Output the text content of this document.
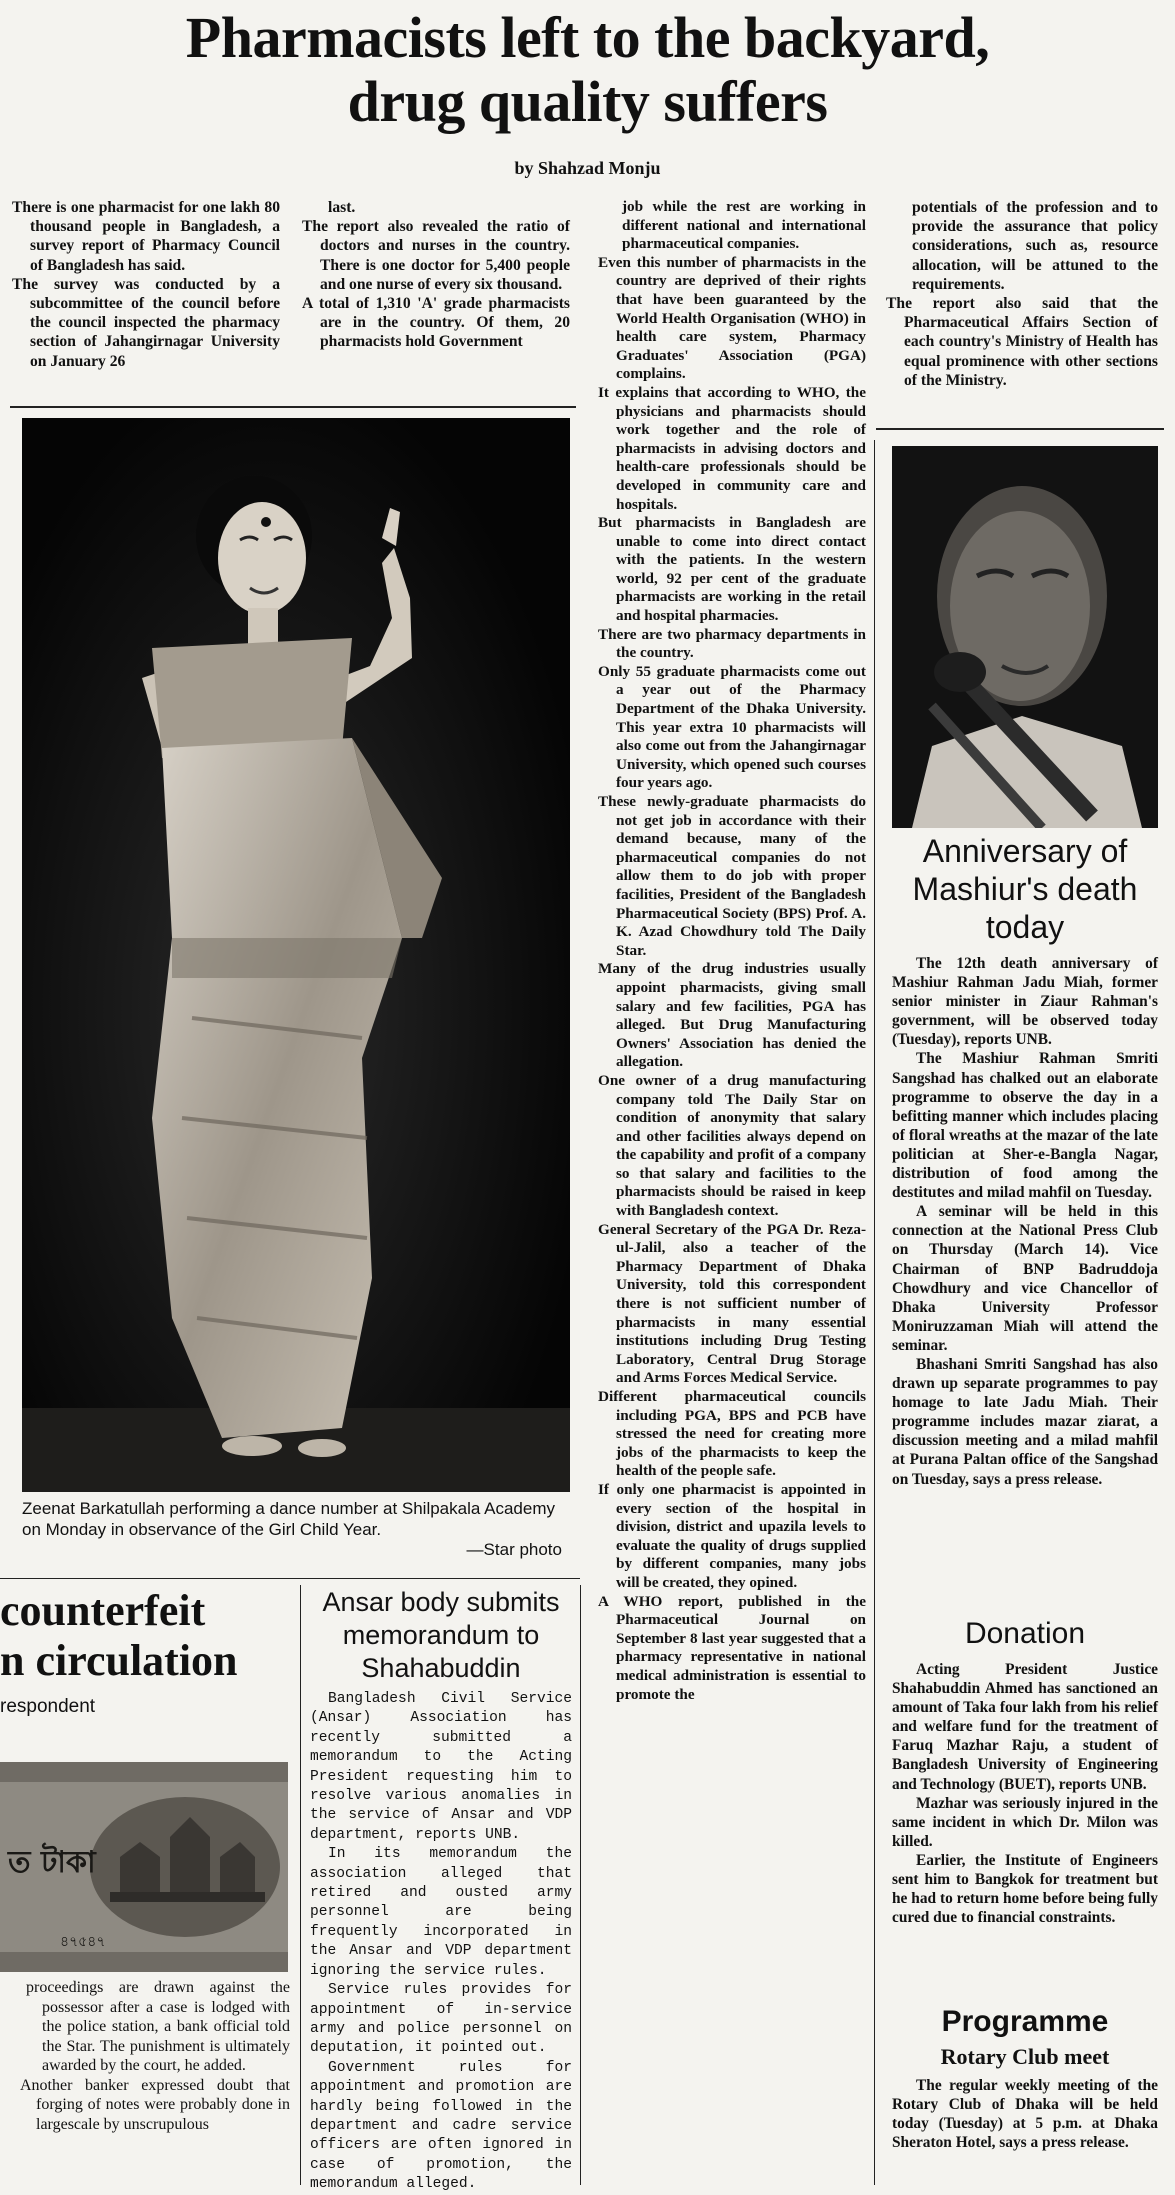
Pharmacists left to the backyard,
drug quality suffers
by Shahzad Monju

There is one pharmacist for one lakh 80 thousand people in Bangladesh, a survey report of Pharmacy Council of Bangladesh has said.

The survey was conducted by a subcommittee of the council before the council inspected the pharmacy section of Jahangirnagar University on January 26

last.

The report also revealed the ratio of doctors and nurses in the country. There is one doctor for 5,400 people and one nurse of every six thousand.

A total of 1,310 'A' grade pharmacists are in the country. Of them, 20 pharmacists hold Government

job while the rest are working in different national and international pharmaceutical companies.

Even this number of pharmacists in the country are deprived of their rights that have been guaranteed by the World Health Organisation (WHO) in health care system, Pharmacy Graduates' Association (PGA) complains.

It explains that according to WHO, the physicians and pharmacists should work together and the role of pharmacists in advising doctors and health-care professionals should be developed in community care and hospitals.

But pharmacists in Bangladesh are unable to come into direct contact with the patients. In the western world, 92 per cent of the graduate pharmacists are working in the retail and hospital pharmacies.

There are two pharmacy departments in the country.

Only 55 graduate pharmacists come out a year out of the Pharmacy Department of the Dhaka University. This year extra 10 pharmacists will also come out from the Jahangirnagar University, which opened such courses four years ago.

These newly-graduate pharmacists do not get job in accordance with their demand because, many of the pharmaceutical companies do not allow them to do job with proper facilities, President of the Bangladesh Pharmaceutical Society (BPS) Prof. A. K. Azad Chowdhury told The Daily Star.

Many of the drug industries usually appoint pharmacists, giving small salary and few facilities, PGA has alleged. But Drug Manufacturing Owners' Association has denied the allegation.

One owner of a drug manufacturing company told The Daily Star on condition of anonymity that salary and other facilities always depend on the capability and profit of a company so that salary and facilities to the pharmacists should be raised in keep with Bangladesh context.

General Secretary of the PGA Dr. Reza-ul-Jalil, also a teacher of the Pharmacy Department of Dhaka University, told this correspondent there is not sufficient number of pharmacists in many essential institutions including Drug Testing Laboratory, Central Drug Storage and Arms Forces Medical Service.

Different pharmaceutical councils including PGA, BPS and PCB have stressed the need for creating more jobs of the pharmacists to keep the health of the people safe.

If only one pharmacist is appointed in every section of the hospital in division, district and upazila levels to evaluate the quality of drugs supplied by different companies, many jobs will be created, they opined.

A WHO report, published in the Pharmaceutical Journal on September 8 last year suggested that a pharmacy representative in national medical administration is essential to promote the

potentials of the profession and to provide the assurance that policy considerations, such as, resource allocation, will be attuned to the requirements.

The report also said that the Pharmaceutical Affairs Section of each country's Ministry of Health has equal prominence with other sections of the Ministry.

Zeenat Barkatullah performing a dance number at Shilpakala Academy on Monday in observance of the Girl Child Year.
—Star photo
counterfeit
n circulation
respondent
ত টাকা
৪৭৫৪৭

proceedings are drawn against the possessor after a case is lodged with the police station, a bank official told the Star. The punishment is ultimately awarded by the court, he added.

Another banker expressed doubt that forging of notes were probably done in largescale by unscrupulous

Ansar body submits memorandum to Shahabuddin

Bangladesh Civil Service (Ansar) Association has recently submitted a memorandum to the Acting President requesting him to resolve various anomalies in the service of Ansar and VDP department, reports UNB.

In its memorandum the association alleged that retired and ousted army personnel are being frequently incorporated in the Ansar and VDP department ignoring the service rules.

Service rules provides for appointment of in-service army and police personnel on deputation, it pointed out.

Government rules for appointment and promotion are hardly being followed in the department and cadre service officers are often ignored in case of promotion, the memorandum alleged.

Anniversary of Mashiur's death today

The 12th death anniversary of Mashiur Rahman Jadu Miah, former senior minister in Ziaur Rahman's government, will be observed today (Tuesday), reports UNB.

The Mashiur Rahman Smriti Sangshad has chalked out an elaborate programme to observe the day in a befitting manner which includes placing of floral wreaths at the mazar of the late politician at Sher-e-Bangla Nagar, distribution of food among the destitutes and milad mahfil on Tuesday.

A seminar will be held in this connection at the National Press Club on Thursday (March 14). Vice Chairman of BNP Badruddoja Chowdhury and vice Chancellor of Dhaka University Professor Moniruzzaman Miah will attend the seminar.

Bhashani Smriti Sangshad has also drawn up separate programmes to pay homage to late Jadu Miah. Their programme includes mazar ziarat, a discussion meeting and a milad mahfil at Purana Paltan office of the Sangshad on Tuesday, says a press release.

Donation

Acting President Justice Shahabuddin Ahmed has sanctioned an amount of Taka four lakh from his relief and welfare fund for the treatment of Faruq Mazhar Raju, a student of Bangladesh University of Engineering and Technology (BUET), reports UNB.

Mazhar was seriously injured in the same incident in which Dr. Milon was killed.

Earlier, the Institute of Engineers sent him to Bangkok for treatment but he had to return home before being fully cured due to financial constraints.

Programme
Rotary Club meet

The regular weekly meeting of the Rotary Club of Dhaka will be held today (Tuesday) at 5 p.m. at Dhaka Sheraton Hotel, says a press release.
